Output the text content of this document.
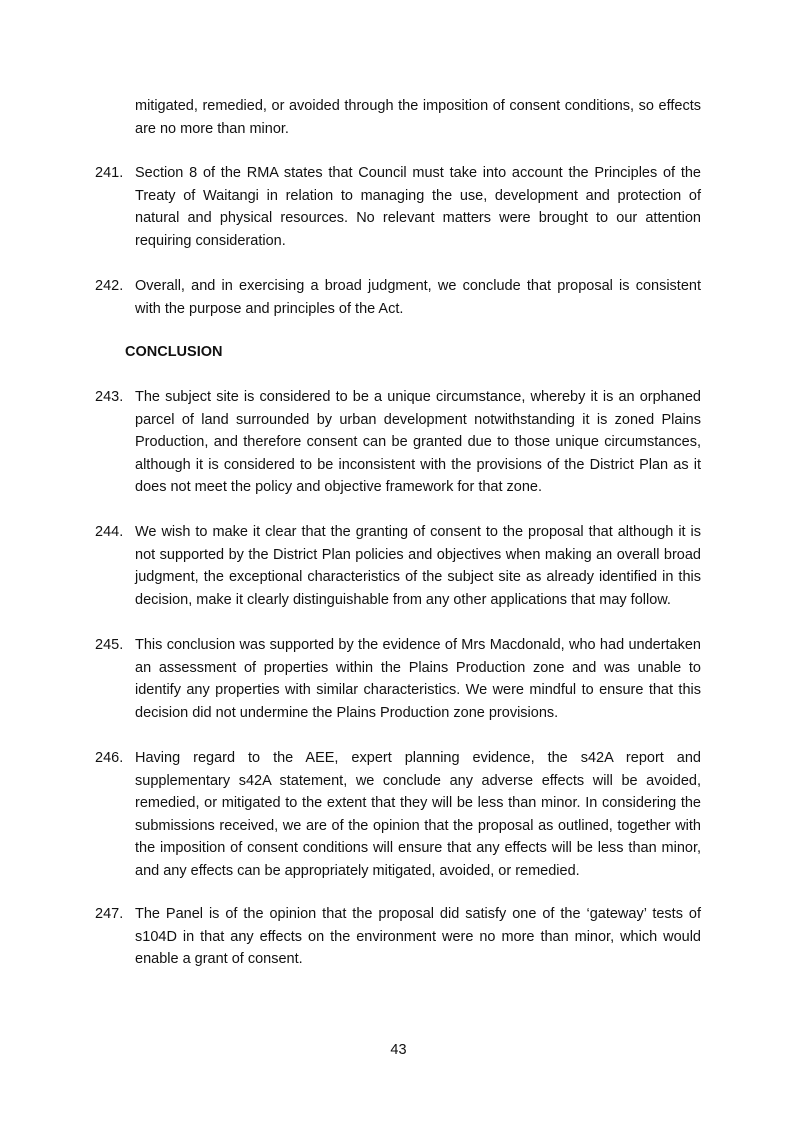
mitigated, remedied, or avoided through the imposition of consent conditions, so effects are no more than minor.
241. Section 8 of the RMA states that Council must take into account the Principles of the Treaty of Waitangi in relation to managing the use, development and protection of natural and physical resources. No relevant matters were brought to our attention requiring consideration.
242. Overall, and in exercising a broad judgment, we conclude that proposal is consistent with the purpose and principles of the Act.
CONCLUSION
243. The subject site is considered to be a unique circumstance, whereby it is an orphaned parcel of land surrounded by urban development notwithstanding it is zoned Plains Production, and therefore consent can be granted due to those unique circumstances, although it is considered to be inconsistent with the provisions of the District Plan as it does not meet the policy and objective framework for that zone.
244. We wish to make it clear that the granting of consent to the proposal that although it is not supported by the District Plan policies and objectives when making an overall broad judgment, the exceptional characteristics of the subject site as already identified in this decision, make it clearly distinguishable from any other applications that may follow.
245. This conclusion was supported by the evidence of Mrs Macdonald, who had undertaken an assessment of properties within the Plains Production zone and was unable to identify any properties with similar characteristics. We were mindful to ensure that this decision did not undermine the Plains Production zone provisions.
246. Having regard to the AEE, expert planning evidence, the s42A report and supplementary s42A statement, we conclude any adverse effects will be avoided, remedied, or mitigated to the extent that they will be less than minor. In considering the submissions received, we are of the opinion that the proposal as outlined, together with the imposition of consent conditions will ensure that any effects will be less than minor, and any effects can be appropriately mitigated, avoided, or remedied.
247. The Panel is of the opinion that the proposal did satisfy one of the ‘gateway’ tests of s104D in that any effects on the environment were no more than minor, which would enable a grant of consent.
43
